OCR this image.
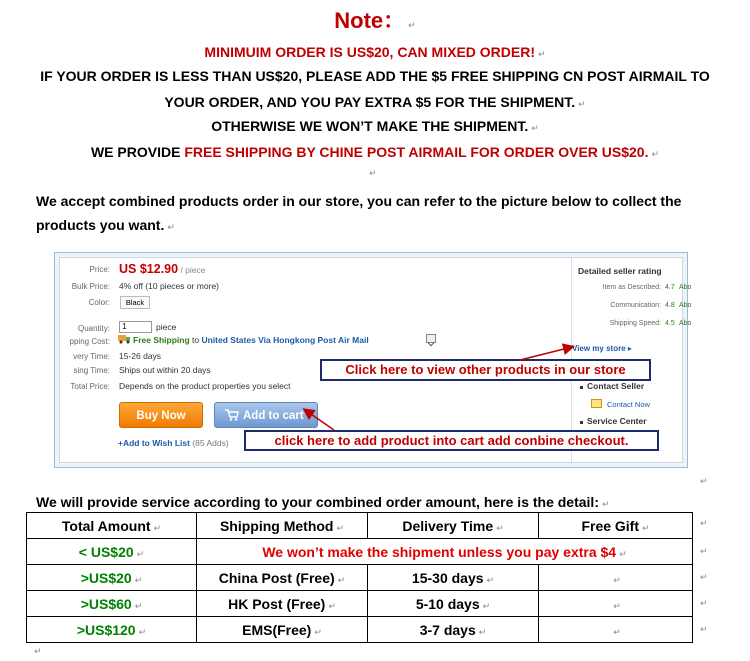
Note： ↵
MINIMUIM ORDER IS US$20, CAN MIXED ORDER! ↵
IF YOUR ORDER IS LESS THAN US$20, PLEASE ADD THE $5 FREE SHIPPING CN POST AIRMAIL TO
YOUR ORDER, AND YOU PAY EXTRA $5 FOR THE SHIPMENT. ↵
OTHERWISE WE WON’T MAKE THE SHIPMENT. ↵
WE PROVIDE FREE SHIPPING BY CHINE POST AIRMAIL FOR ORDER OVER US$20. ↵
↵
We accept combined products order in our store, you can refer to the picture below to collect the products you want. ↵
Price: US $12.90 / piece
Bulk Price: 4% off (10 pieces or more)
Color:	Black
Quantity:	1	piece
pping Cost:	Free Shipping to United States Via Hongkong Post Air Mail
very Time: 15-26 days
sing Time: Ships out within 20 days
Total Price: Depends on the product properties you select
Buy Now	Add to cart
+Add to Wish List (85 Adds)
Detailed seller rating
Item as Described: 4.7 Abo
Communication: 4.8 Abo
Shipping Speed: 4.5 Abo
View my store ▸
Contact Seller
Contact Now
Service Center
Click here to view other products in our store
click here to add product into cart add conbine checkout.
↵
We will provide service according to your combined order amount, here is the detail: ↵
Total Amount ↵	Shipping Method ↵	Delivery Time ↵	Free Gift ↵
< US$20 ↵	We won’t make the shipment unless you pay extra $4 ↵		
>US$20 ↵	China Post (Free) ↵	15-30 days ↵	↵
>US$60 ↵	HK Post (Free) ↵	5-10 days ↵	↵
>US$120 ↵	EMS(Free) ↵	3-7 days ↵	↵
↵
↵
↵
↵
↵
↵
